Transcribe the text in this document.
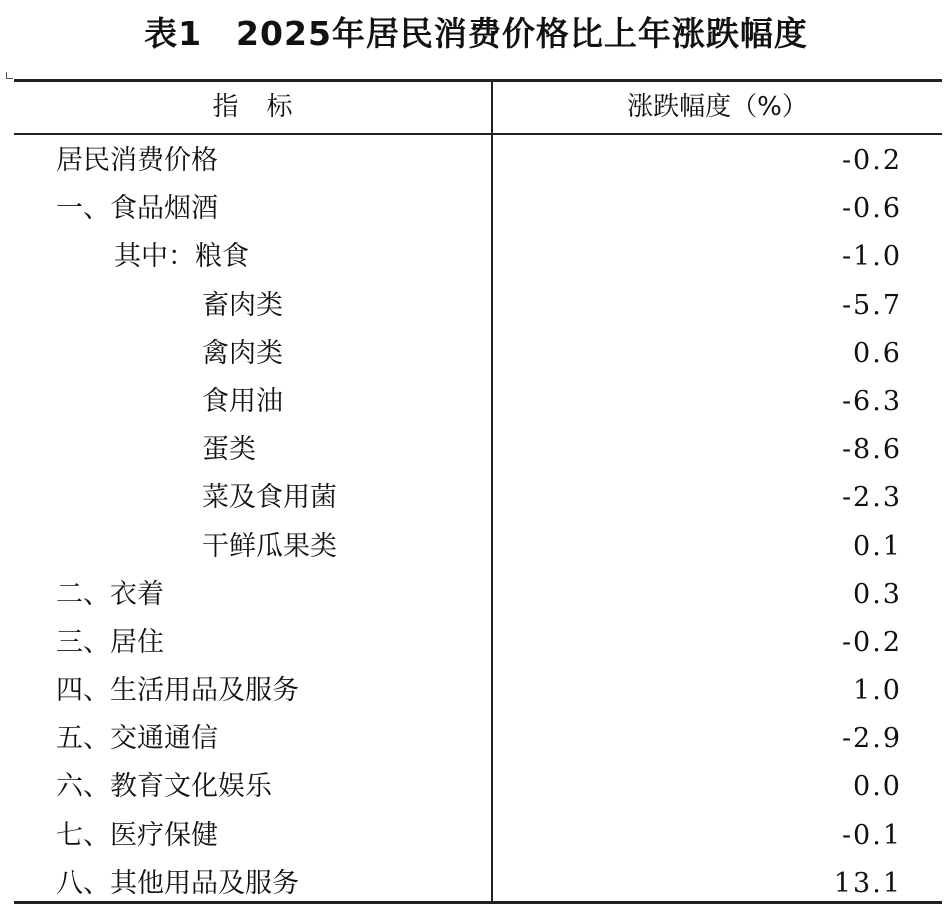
表1　2025年居民消费价格比上年涨跌幅度
指标	涨跌幅度（%）
居民消费价格	-0.2
一、食品烟酒	-0.6
其中：粮食	-1.0
畜肉类	-5.7
禽肉类	0.6
食用油	-6.3
蛋类	-8.6
菜及食用菌	-2.3
干鲜瓜果类	0.1
二、衣着	0.3
三、居住	-0.2
四、生活用品及服务	1.0
五、交通通信	-2.9
六、教育文化娱乐	0.0
七、医疗保健	-0.1
八、其他用品及服务	13.1
